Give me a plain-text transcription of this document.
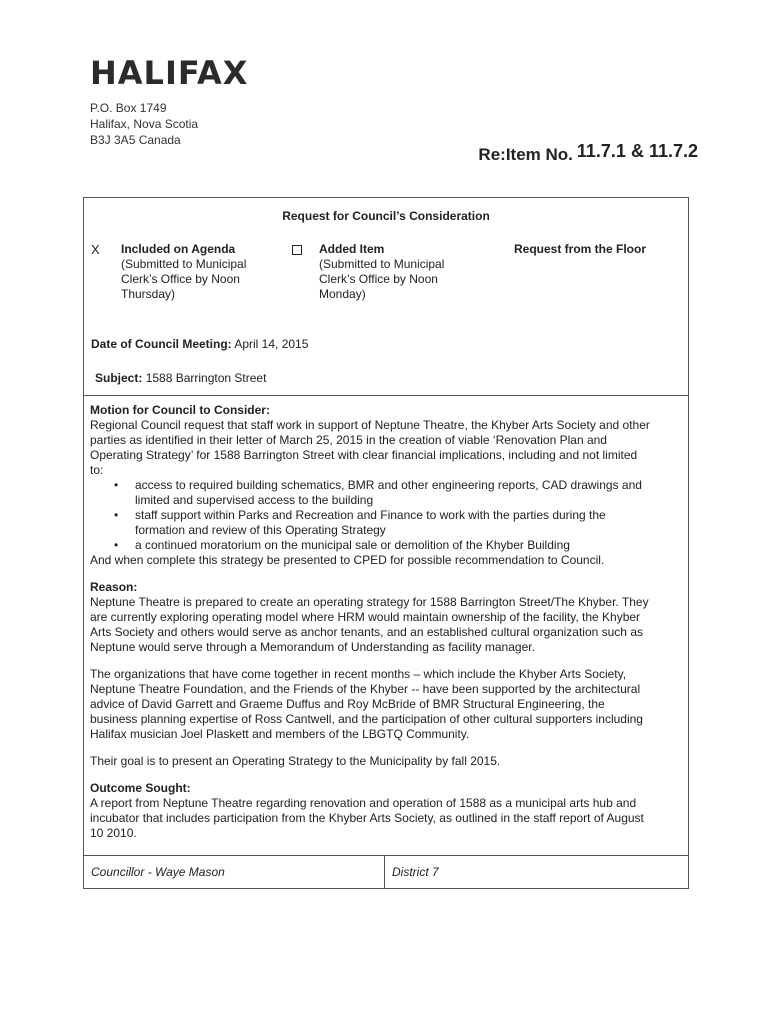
HALIFAX
P.O. Box 1749
Halifax, Nova Scotia
B3J 3A5 Canada
Re:Item No. 11.7.1 & 11.7.2
Request for Council’s Consideration
X Included on Agenda
(Submitted to Municipal
Clerk’s Office by Noon
Thursday)
Added Item
(Submitted to Municipal
Clerk’s Office by Noon
Monday)
Request from the Floor
Date of Council Meeting: April 14, 2015
Subject: 1588 Barrington Street
Motion for Council to Consider:
Regional Council request that staff work in support of Neptune Theatre, the Khyber Arts Society and other
parties as identified in their letter of March 25, 2015 in the creation of viable ‘Renovation Plan and
Operating Strategy’ for 1588 Barrington Street with clear financial implications, including and not limited
to:
• access to required building schematics, BMR and other engineering reports, CAD drawings and
limited and supervised access to the building
• staff support within Parks and Recreation and Finance to work with the parties during the
formation and review of this Operating Strategy
• a continued moratorium on the municipal sale or demolition of the Khyber Building
And when complete this strategy be presented to CPED for possible recommendation to Council.
Reason:
Neptune Theatre is prepared to create an operating strategy for 1588 Barrington Street/The Khyber. They
are currently exploring operating model where HRM would maintain ownership of the facility, the Khyber
Arts Society and others would serve as anchor tenants, and an established cultural organization such as
Neptune would serve through a Memorandum of Understanding as facility manager.
The organizations that have come together in recent months – which include the Khyber Arts Society,
Neptune Theatre Foundation, and the Friends of the Khyber -- have been supported by the architectural
advice of David Garrett and Graeme Duffus and Roy McBride of BMR Structural Engineering, the
business planning expertise of Ross Cantwell, and the participation of other cultural supporters including
Halifax musician Joel Plaskett and members of the LBGTQ Community.
Their goal is to present an Operating Strategy to the Municipality by fall 2015.
Outcome Sought:
A report from Neptune Theatre regarding renovation and operation of 1588 as a municipal arts hub and
incubator that includes participation from the Khyber Arts Society, as outlined in the staff report of August
10 2010.
Councillor - Waye Mason	District 7
